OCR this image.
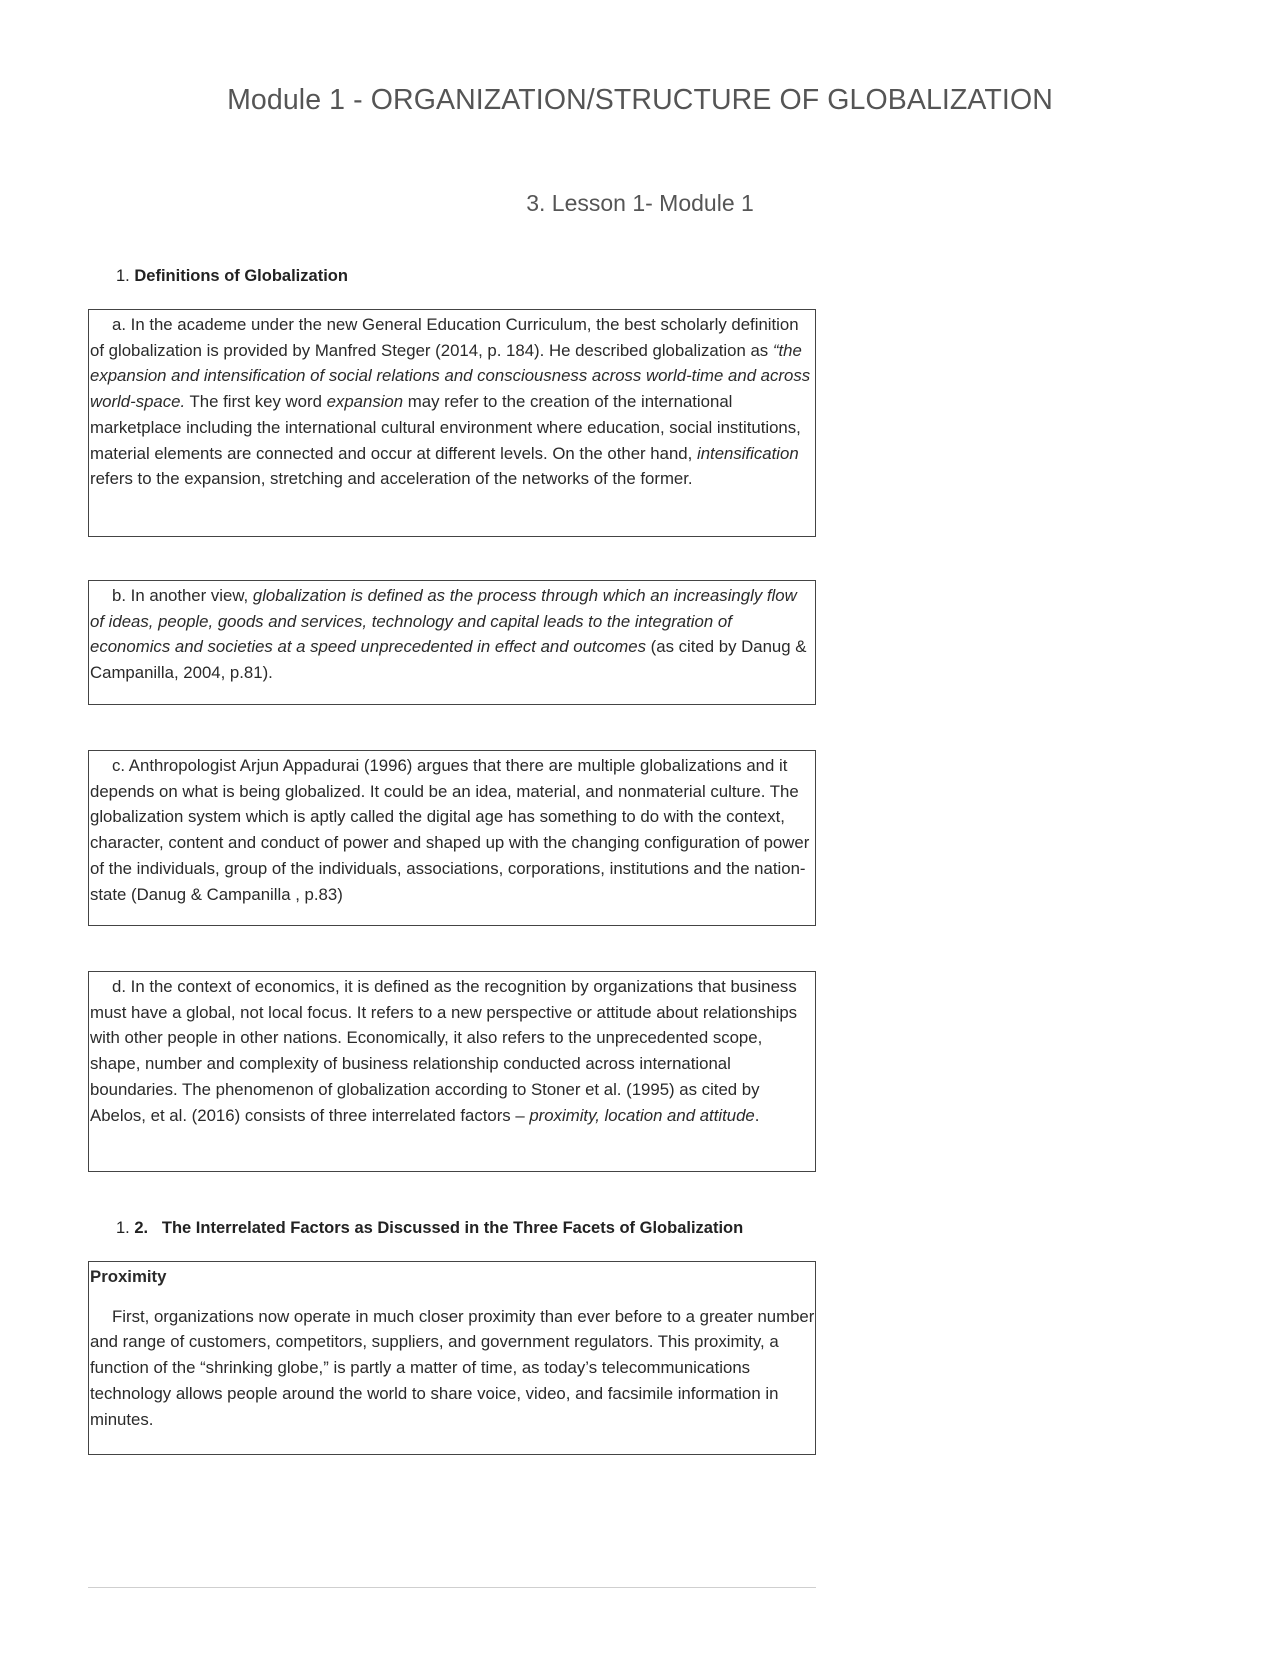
Module 1 - ORGANIZATION/STRUCTURE OF GLOBALIZATION
3. Lesson 1- Module 1
1. Definitions of Globalization

a. In the academe under the new General Education Curriculum, the best scholarly definition of globalization is provided by Manfred Steger (2014, p. 184). He described globalization as “the expansion and intensification of social relations and consciousness across world-time and across world-space. The first key word expansion may refer to the creation of the international marketplace including the international cultural environment where education, social institutions, material elements are connected and occur at different levels. On the other hand, intensification refers to the expansion, stretching and acceleration of the networks of the former.

b. In another view, globalization is defined as the process through which an increasingly flow of ideas, people, goods and services, technology and capital leads to the integration of economics and societies at a speed unprecedented in effect and outcomes (as cited by Danug & Campanilla, 2004, p.81).

c. Anthropologist Arjun Appadurai (1996) argues that there are multiple globalizations and it depends on what is being globalized. It could be an idea, material, and nonmaterial culture. The globalization system which is aptly called the digital age has something to do with the context, character, content and conduct of power and shaped up with the changing configuration of power of the individuals, group of the individuals, associations, corporations, institutions and the nation-state (Danug & Campanilla , p.83)

d. In the context of economics, it is defined as the recognition by organizations that business must have a global, not local focus. It refers to a new perspective or attitude about relationships with other people in other nations. Economically, it also refers to the unprecedented scope, shape, number and complexity of business relationship conducted across international boundaries. The phenomenon of globalization according to Stoner et al. (1995) as cited by Abelos, et al. (2016) consists of three interrelated factors – proximity, location and attitude.

1. 2. The Interrelated Factors as Discussed in the Three Facets of Globalization

Proximity

First, organizations now operate in much closer proximity than ever before to a greater number and range of customers, competitors, suppliers, and government regulators. This proximity, a function of the “shrinking globe,” is partly a matter of time, as today’s telecommunications technology allows people around the world to share voice, video, and facsimile information in minutes.
